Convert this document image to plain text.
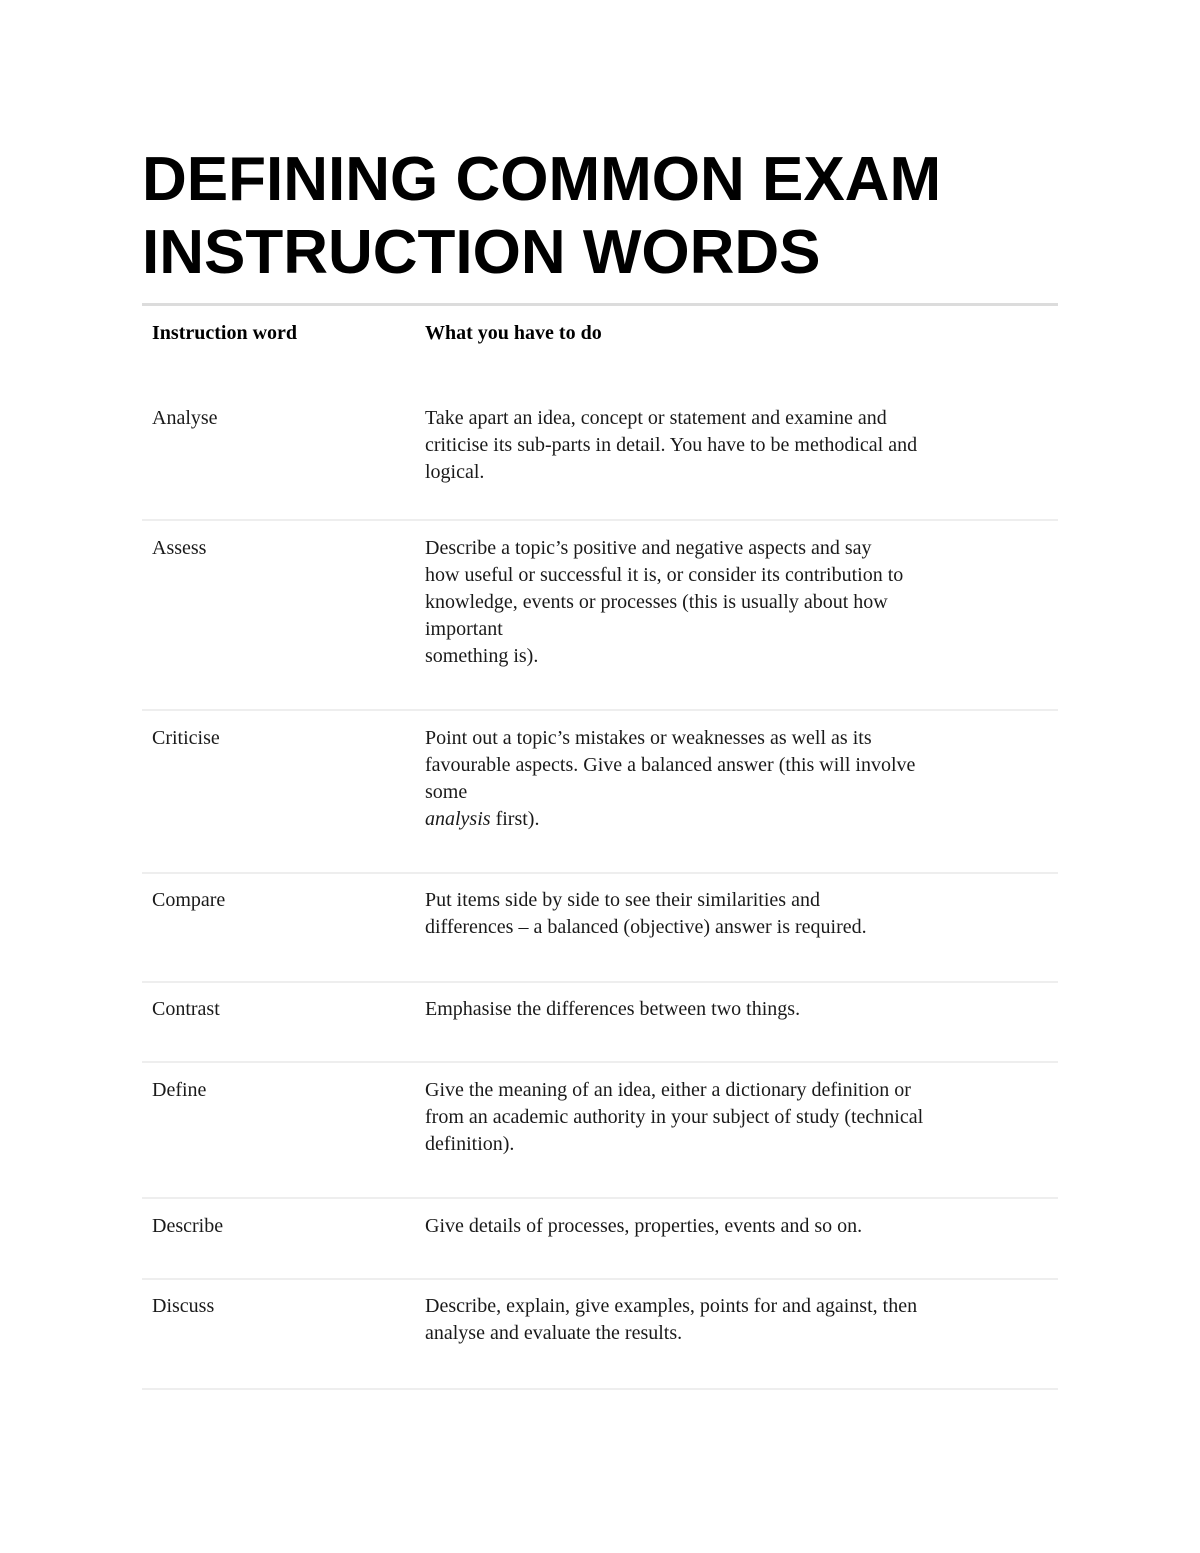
DEFINING COMMON EXAM
INSTRUCTION WORDS
Instruction word	What you have to do
Analyse	Take apart an idea, concept or statement and examine and
criticise its sub-parts in detail. You have to be methodical and
logical.
Assess	Describe a topic’s positive and negative aspects and say
how useful or successful it is, or consider its contribution to
knowledge, events or processes (this is usually about how
important
something is).
Criticise	Point out a topic’s mistakes or weaknesses as well as its
favourable aspects. Give a balanced answer (this will involve
some
analysis first).
Compare	Put items side by side to see their similarities and
differences – a balanced (objective) answer is required.
Contrast	Emphasise the differences between two things.
Define	Give the meaning of an idea, either a dictionary definition or
from an academic authority in your subject of study (technical
definition).
Describe	Give details of processes, properties, events and so on.
Discuss	Describe, explain, give examples, points for and against, then
analyse and evaluate the results.
